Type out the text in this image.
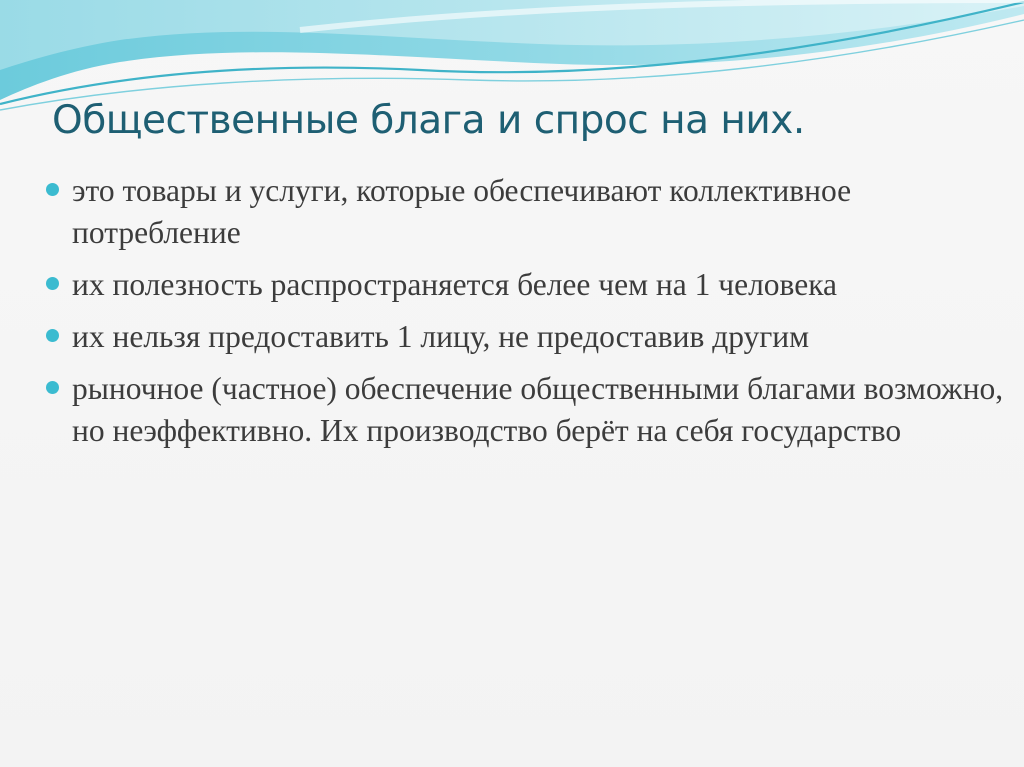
Общественные блага и спрос на них.
это товары и услуги, которые обеспечивают коллективное потребление
их полезность распространяется белее чем на 1 человека
их нельзя предоставить 1 лицу, не предоставив другим
рыночное (частное) обеспечение общественными благами возможно, но неэффективно. Их производство берёт на себя государство
